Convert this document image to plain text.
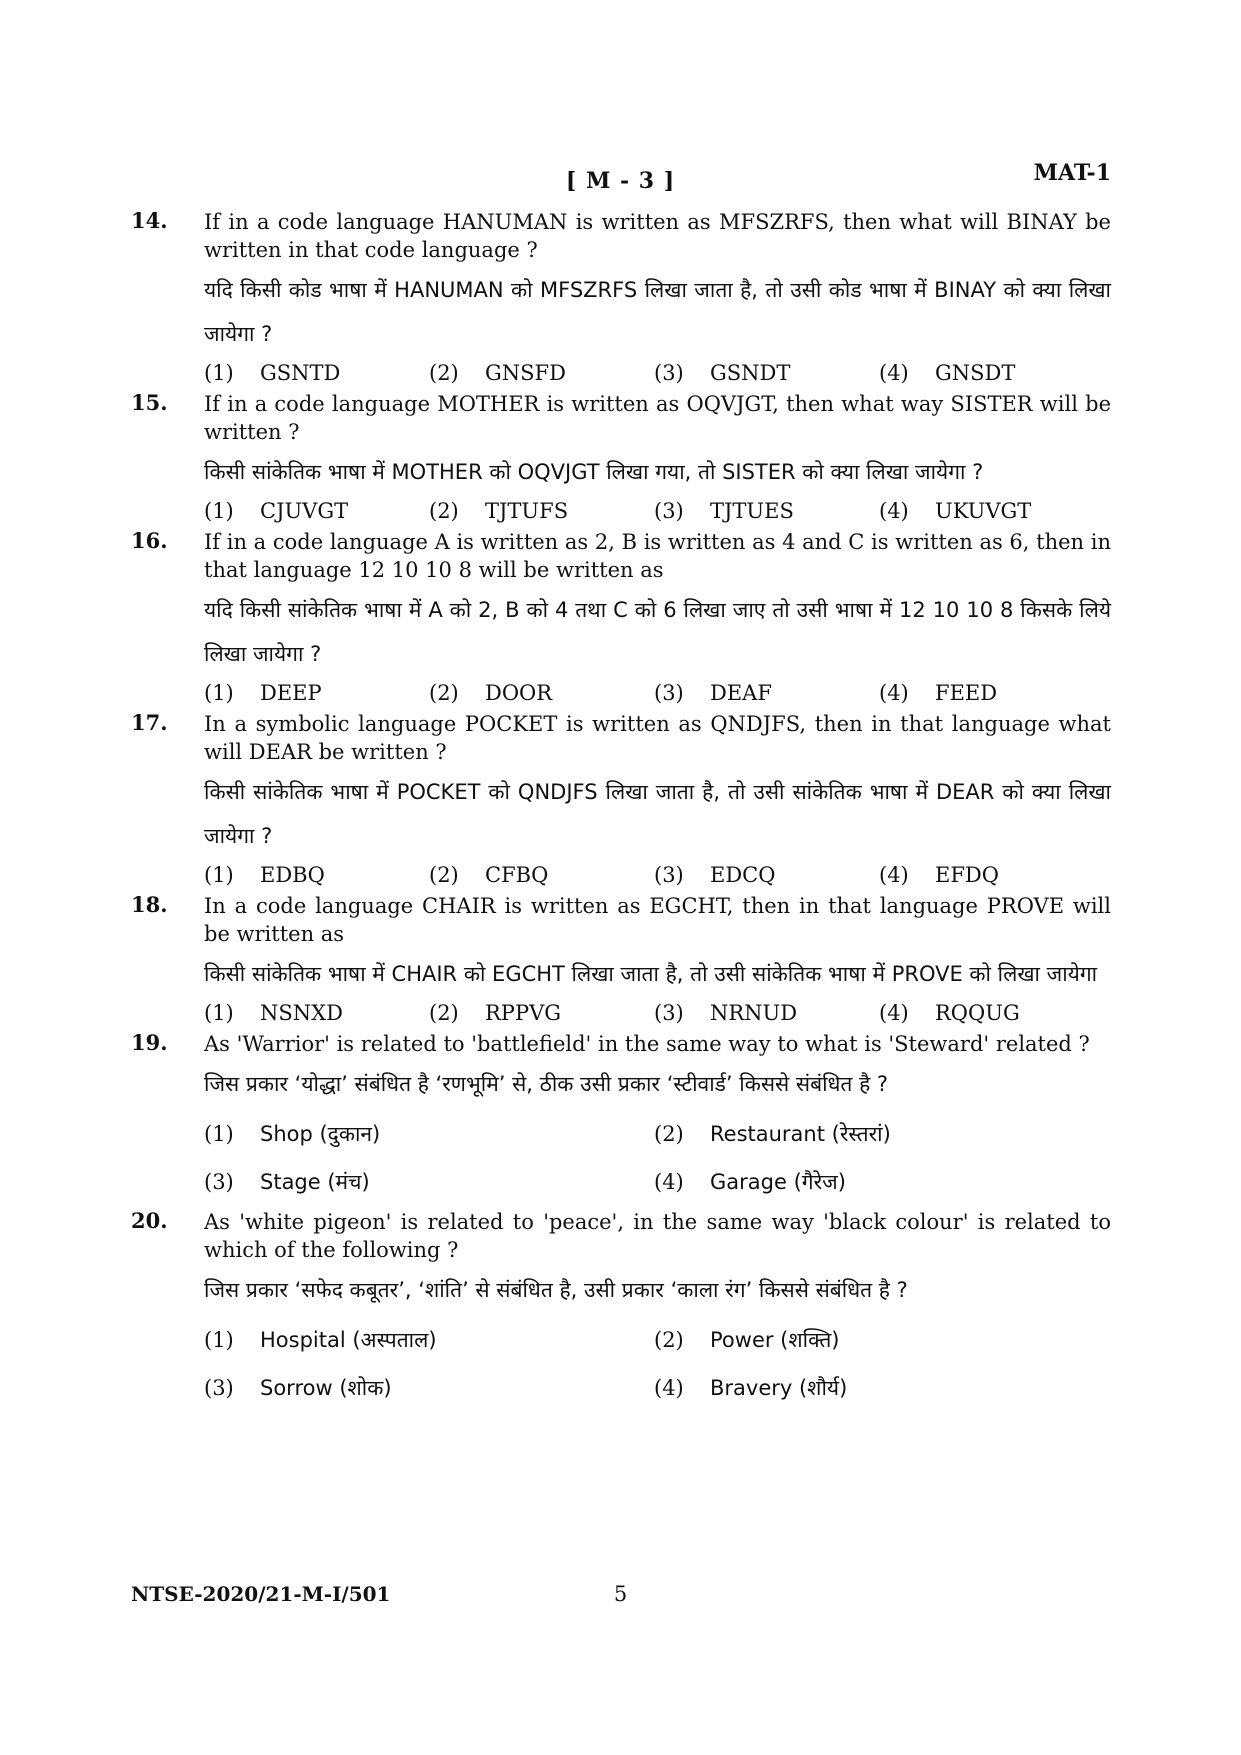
[ M - 3 ]	MAT-1
14. If in a code language HANUMAN is written as MFSZRFS, then what will BINAY be written in that code language ?
यदि किसी कोड भाषा में HANUMAN को MFSZRFS लिखा जाता है, तो उसी कोड भाषा में BINAY को क्या लिखा जायेगा ?
(1)	GSNTD	(2)	GNSFD	(3)	GSNDT	(4)	GNSDT
15. If in a code language MOTHER is written as OQVJGT, then what way SISTER will be written ?
किसी सांकेतिक भाषा में MOTHER को OQVJGT लिखा गया, तो SISTER को क्या लिखा जायेगा ?
(1)	CJUVGT	(2)	TJTUFS	(3)	TJTUES	(4)	UKUVGT
16. If in a code language A is written as 2, B is written as 4 and C is written as 6, then in that language 12 10 10 8 will be written as
यदि किसी सांकेतिक भाषा में A को 2, B को 4 तथा C को 6 लिखा जाए तो उसी भाषा में 12 10 10 8 किसके लिये लिखा जायेगा ?
(1)	DEEP	(2)	DOOR	(3)	DEAF	(4)	FEED
17. In a symbolic language POCKET is written as QNDJFS, then in that language what will DEAR be written ?
किसी सांकेतिक भाषा में POCKET को QNDJFS लिखा जाता है, तो उसी सांकेतिक भाषा में DEAR को क्या लिखा जायेगा ?
(1)	EDBQ	(2)	CFBQ	(3)	EDCQ	(4)	EFDQ
18. In a code language CHAIR is written as EGCHT, then in that language PROVE will be written as
किसी सांकेतिक भाषा में CHAIR को EGCHT लिखा जाता है, तो उसी सांकेतिक भाषा में PROVE को लिखा जायेगा
(1)	NSNXD	(2)	RPPVG	(3)	NRNUD	(4)	RQQUG
19. As 'Warrior' is related to 'battlefield' in the same way to what is 'Steward' related ?
जिस प्रकार ‘योद्धा’ संबंधित है ‘रणभूमि’ से, ठीक उसी प्रकार ‘स्टीवार्ड’ किससे संबंधित है ?
(1) Shop (दुकान)	(2) Restaurant (रेस्तरां)
(3) Stage (मंच)	(4) Garage (गैरेज)
20. As 'white pigeon' is related to 'peace', in the same way 'black colour' is related to which of the following ?
जिस प्रकार ‘सफेद कबूतर’, ‘शांति’ से संबंधित है, उसी प्रकार ‘काला रंग’ किससे संबंधित है ?
(1) Hospital (अस्पताल)	(2) Power (शक्ति)
(3) Sorrow (शोक)	(4) Bravery (शौर्य)
NTSE-2020/21-M-I/501	5
